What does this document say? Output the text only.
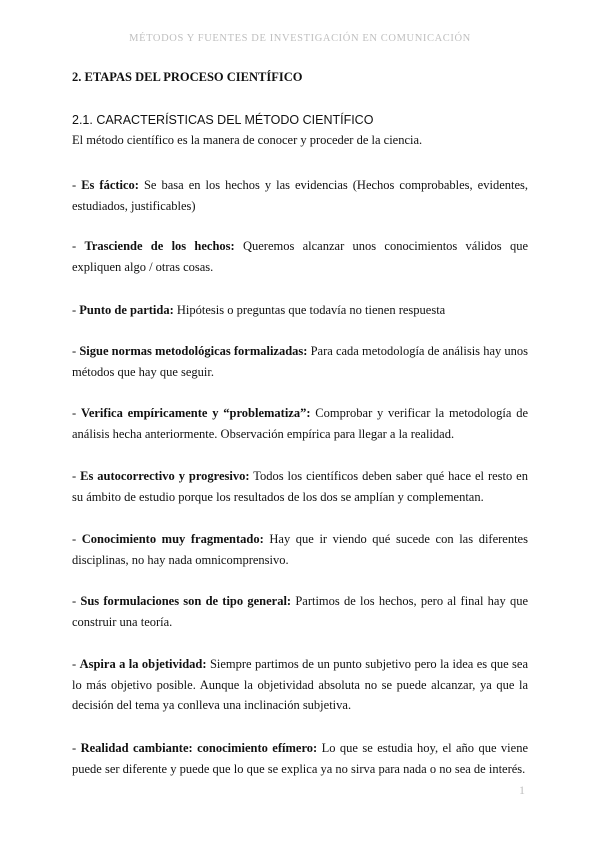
MÉTODOS Y FUENTES DE INVESTIGACIÓN EN COMUNICACIÓN
2. ETAPAS DEL PROCESO CIENTÍFICO
2.1. CARACTERÍSTICAS DEL MÉTODO CIENTÍFICO
El método científico es la manera de conocer y proceder de la ciencia.
- Es fáctico: Se basa en los hechos y las evidencias (Hechos comprobables, evidentes, estudiados, justificables)
- Trasciende de los hechos: Queremos alcanzar unos conocimientos válidos que expliquen algo / otras cosas.
- Punto de partida: Hipótesis o preguntas que todavía no tienen respuesta
- Sigue normas metodológicas formalizadas: Para cada metodología de análisis hay unos métodos que hay que seguir.
- Verifica empíricamente y “problematiza”: Comprobar y verificar la metodología de análisis hecha anteriormente. Observación empírica para llegar a la realidad.
- Es autocorrectivo y progresivo: Todos los científicos deben saber qué hace el resto en su ámbito de estudio porque los resultados de los dos se amplían y complementan.
- Conocimiento muy fragmentado: Hay que ir viendo qué sucede con las diferentes disciplinas, no hay nada omnicomprensivo.
- Sus formulaciones son de tipo general: Partimos de los hechos, pero al final hay que construir una teoría.
- Aspira a la objetividad: Siempre partimos de un punto subjetivo pero la idea es que sea lo más objetivo posible. Aunque la objetividad absoluta no se puede alcanzar, ya que la decisión del tema ya conlleva una inclinación subjetiva.
- Realidad cambiante: conocimiento efímero: Lo que se estudia hoy, el año que viene puede ser diferente y puede que lo que se explica ya no sirva para nada o no sea de interés.
1
